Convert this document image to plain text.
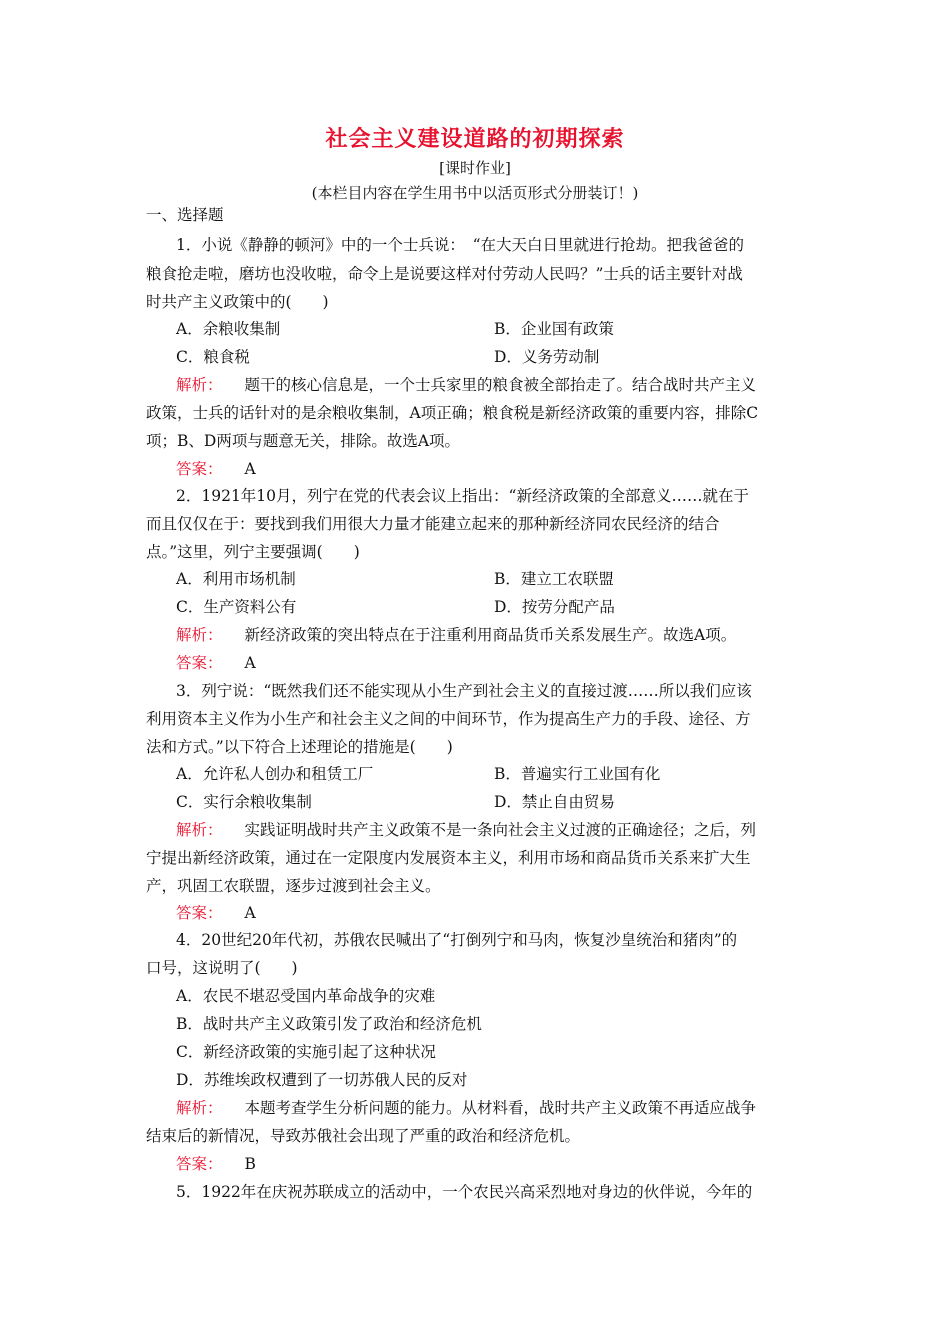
社会主义建设道路的初期探索
[课时作业]
(本栏目内容在学生用书中以活页形式分册装订！)
一、选择题
1．小说《静静的顿河》中的一个士兵说：　“在大天白日里就进行抢劫。把我爸爸的
粮食抢走啦，磨坊也没收啦，命令上是说要这样对付劳动人民吗？”士兵的话主要针对战
时共产主义政策中的(　　)
A．余粮收集制	B．企业国有政策
C．粮食税	D．义务劳动制
解析： 题干的核心信息是，一个士兵家里的粮食被全部抬走了。结合战时共产主义
政策，士兵的话针对的是余粮收集制，A项正确；粮食税是新经济政策的重要内容，排除C
项；B、D两项与题意无关，排除。故选A项。
答案： A
2．1921年10月，列宁在党的代表会议上指出：“新经济政策的全部意义……就在于
而且仅仅在于：要找到我们用很大力量才能建立起来的那种新经济同农民经济的结合
点。”这里，列宁主要强调(　　)
A．利用市场机制	B．建立工农联盟
C．生产资料公有	D．按劳分配产品
解析： 新经济政策的突出特点在于注重利用商品货币关系发展生产。故选A项。
答案： A
3．列宁说：“既然我们还不能实现从小生产到社会主义的直接过渡……所以我们应该
利用资本主义作为小生产和社会主义之间的中间环节，作为提高生产力的手段、途径、方
法和方式。”以下符合上述理论的措施是(　　)
A．允许私人创办和租赁工厂	B．普遍实行工业国有化
C．实行余粮收集制	D．禁止自由贸易
解析： 实践证明战时共产主义政策不是一条向社会主义过渡的正确途径；之后，列
宁提出新经济政策，通过在一定限度内发展资本主义，利用市场和商品货币关系来扩大生
产，巩固工农联盟，逐步过渡到社会主义。
答案： A
4．20世纪20年代初，苏俄农民喊出了“打倒列宁和马肉，恢复沙皇统治和猪肉”的
口号，这说明了(　　)
A．农民不堪忍受国内革命战争的灾难
B．战时共产主义政策引发了政治和经济危机
C．新经济政策的实施引起了这种状况
D．苏维埃政权遭到了一切苏俄人民的反对
解析： 本题考查学生分析问题的能力。从材料看，战时共产主义政策不再适应战争
结束后的新情况，导致苏俄社会出现了严重的政治和经济危机。
答案： B
5．1922年在庆祝苏联成立的活动中，一个农民兴高采烈地对身边的伙伴说，今年的
